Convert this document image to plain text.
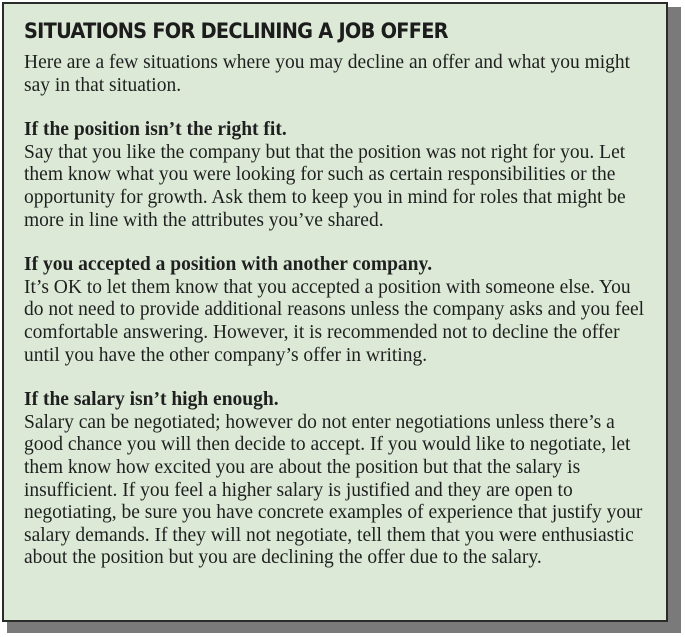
SITUATIONS FOR DECLINING A JOB OFFER

Here are a few situations where you may decline an offer and what you might say in that situation.

If the position isn’t the right fit.

Say that you like the company but that the position was not right for you. Let them know what you were looking for such as certain responsibilities or the opportunity for growth. Ask them to keep you in mind for roles that might be more in line with the attributes you’ve shared.

If you accepted a position with another company.

It’s OK to let them know that you accepted a position with someone else. You do not need to provide additional reasons unless the company asks and you feel comfortable answering. However, it is recommended not to decline the offer until you have the other company’s offer in writing.

If the salary isn’t high enough.

Salary can be negotiated; however do not enter negotiations unless there’s a good chance you will then decide to accept. If you would like to negotiate, let them know how excited you are about the position but that the salary is insufficient. If you feel a higher salary is justified and they are open to negotiating, be sure you have concrete examples of experience that justify your salary demands. If they will not negotiate, tell them that you were enthusiastic about the position but you are declining the offer due to the salary.
